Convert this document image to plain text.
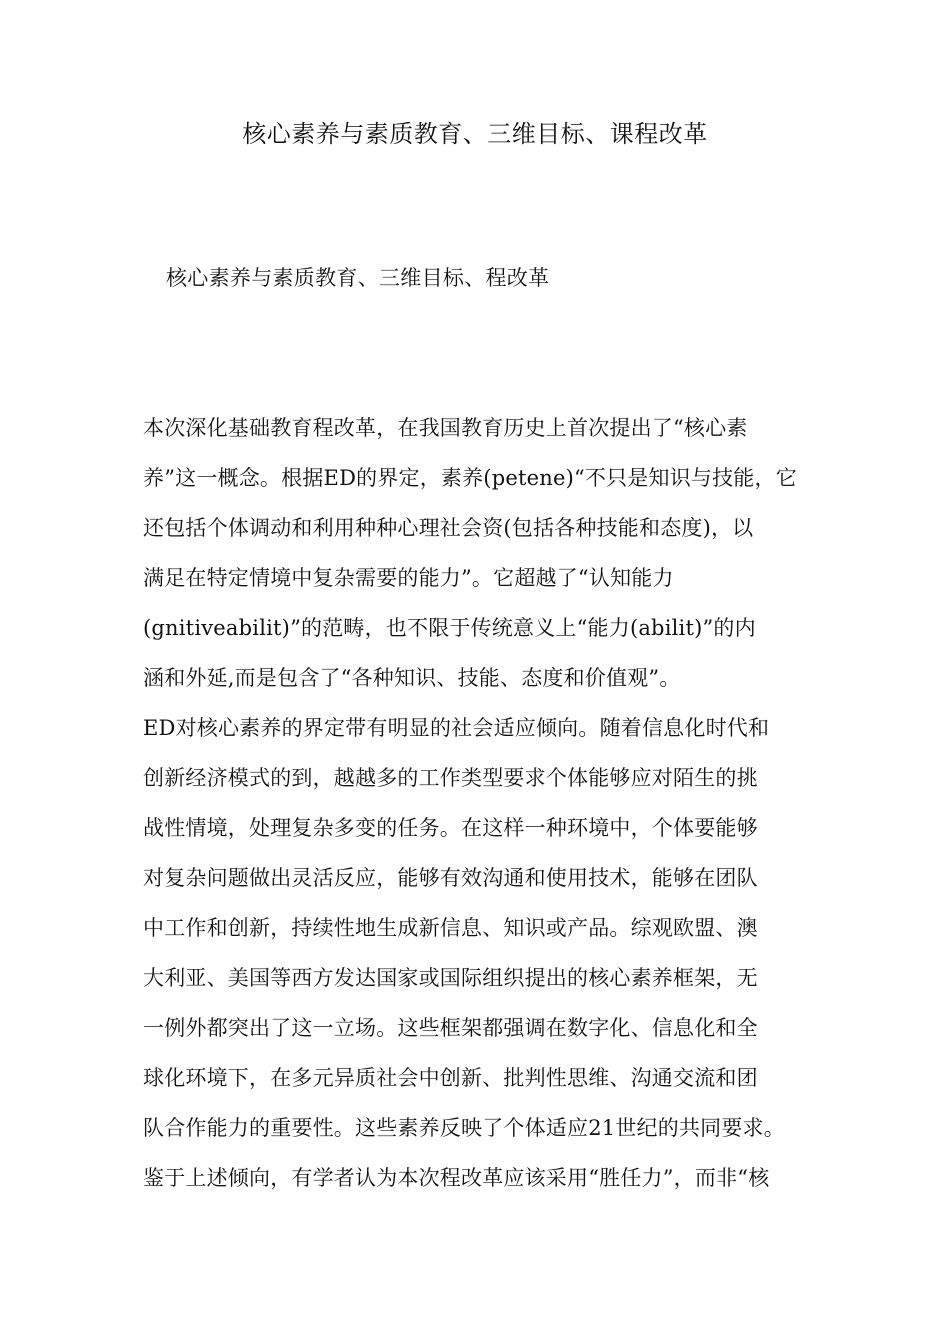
核心素养与素质教育、三维目标、课程改革
核心素养与素质教育、三维目标、程改革
本次深化基础教育程改革，在我国教育历史上首次提出了“核心素
养”这一概念。根据ED的界定，素养(petene)“不只是知识与技能，它
还包括个体调动和利用种种心理社会资(包括各种技能和态度)，以
满足在特定情境中复杂需要的能力”。它超越了“认知能力
(gnitiveabilit)”的范畴，也不限于传统意义上“能力(abilit)”的内
涵和外延,而是包含了“各种知识、技能、态度和价值观”。
ED对核心素养的界定带有明显的社会适应倾向。随着信息化时代和
创新经济模式的到，越越多的工作类型要求个体能够应对陌生的挑
战性情境，处理复杂多变的任务。在这样一种环境中，个体要能够
对复杂问题做出灵活反应，能够有效沟通和使用技术，能够在团队
中工作和创新，持续性地生成新信息、知识或产品。综观欧盟、澳
大利亚、美国等西方发达国家或国际组织提出的核心素养框架，无
一例外都突出了这一立场。这些框架都强调在数字化、信息化和全
球化环境下，在多元异质社会中创新、批判性思维、沟通交流和团
队合作能力的重要性。这些素养反映了个体适应21世纪的共同要求。
鉴于上述倾向，有学者认为本次程改革应该采用“胜任力”，而非“核
